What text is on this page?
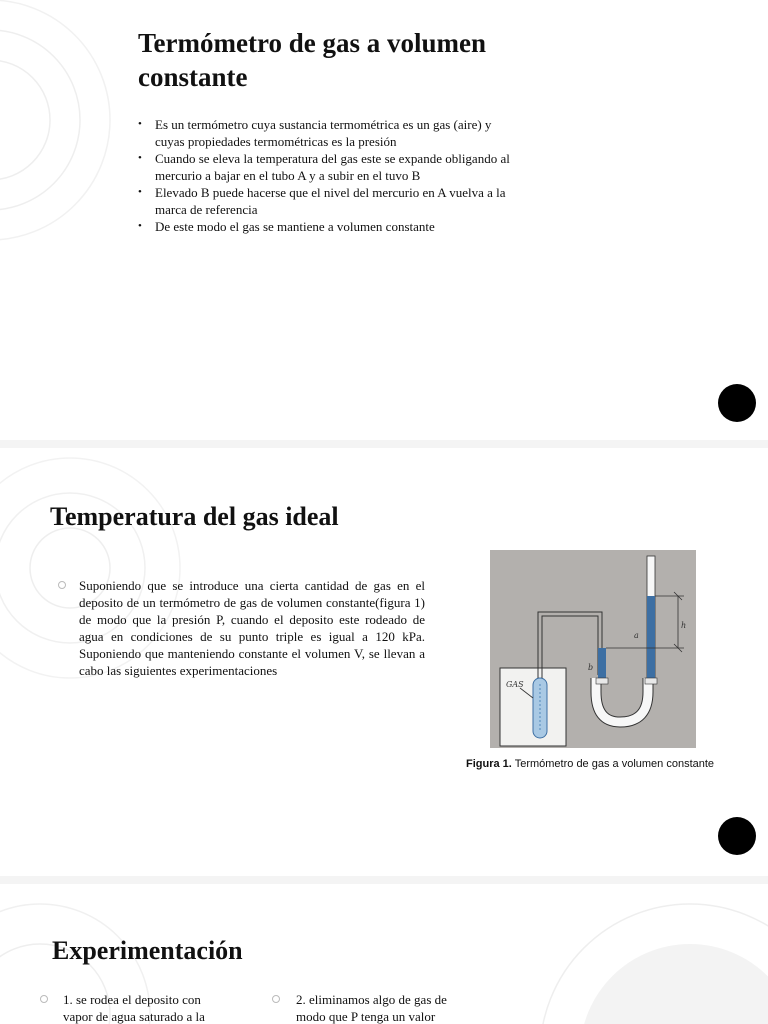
Termómetro de gas a volumen constante
• Es un termómetro cuya sustancia termométrica es un gas (aire) y cuyas propiedades termométricas es la presión
• Cuando se eleva la temperatura del gas este se expande obligando al mercurio a bajar en el tubo A y a subir en el tuvo B
• Elevado B puede hacerse que el nivel del mercurio en A vuelva a la marca de referencia
• De este modo el gas se mantiene a volumen constante
Temperatura del gas ideal

Suponiendo que se introduce una cierta cantidad de gas en el deposito de un termómetro de gas de volumen constante(figura 1) de modo que la presión P, cuando el deposito este rodeado de agua en condiciones de su punto triple es igual a 120 kPa. Suponiendo que manteniendo constante el volumen V, se llevan a cabo las siguientes experimentaciones

GAS
a
b
h
Figura 1. Termómetro de gas a volumen constante
Experimentación

1. se rodea el deposito con vapor de agua saturado a la

2. eliminamos algo de gas de modo que P tenga un valor
